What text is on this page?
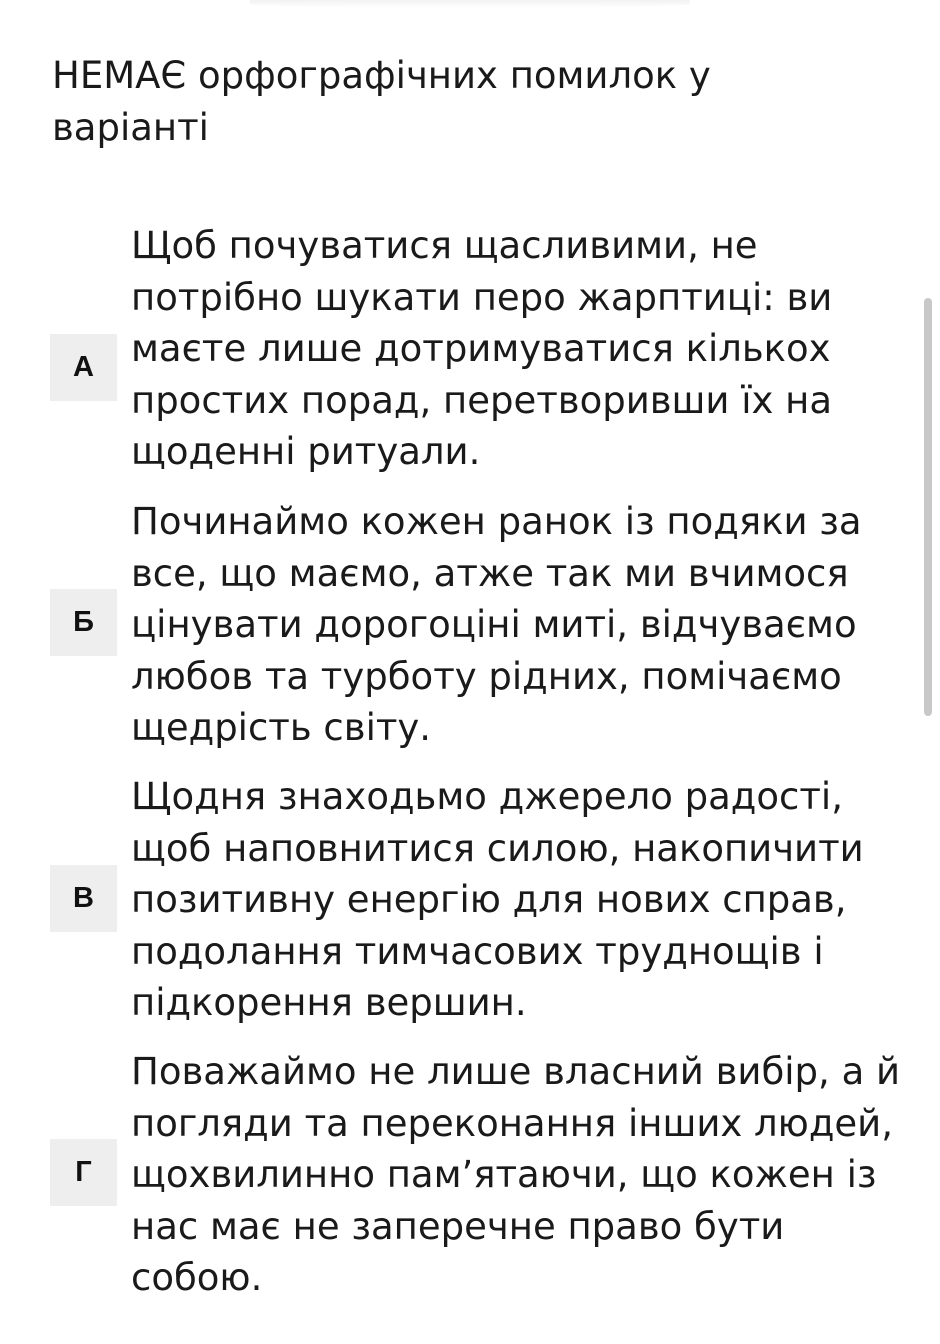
НЕМАЄ орфографічних помилок у варіанті

А

Щоб почуватися щасливими, не потрібно шукати перо жарптиці: ви маєте лише дотримуватися кількох простих порад, перетворивши їх на щоденні ритуали.

Б

Починаймо кожен ранок із подяки за все, що маємо, атже так ми вчимося цінувати дорогоціні миті, відчуваємо любов та турботу рідних, помічаємо щедрість світу.

В

Щодня знаходьмо джерело радості, щоб наповнитися силою, накопичити позитивну енергію для нових справ, подолання тимчасових труднощів і підкорення вершин.

Г

Поважаймо не лише власний вибір, а й погляди та переконання інших людей, щохвилинно пам’ятаючи, що кожен із нас має не заперечне право бути собою.
